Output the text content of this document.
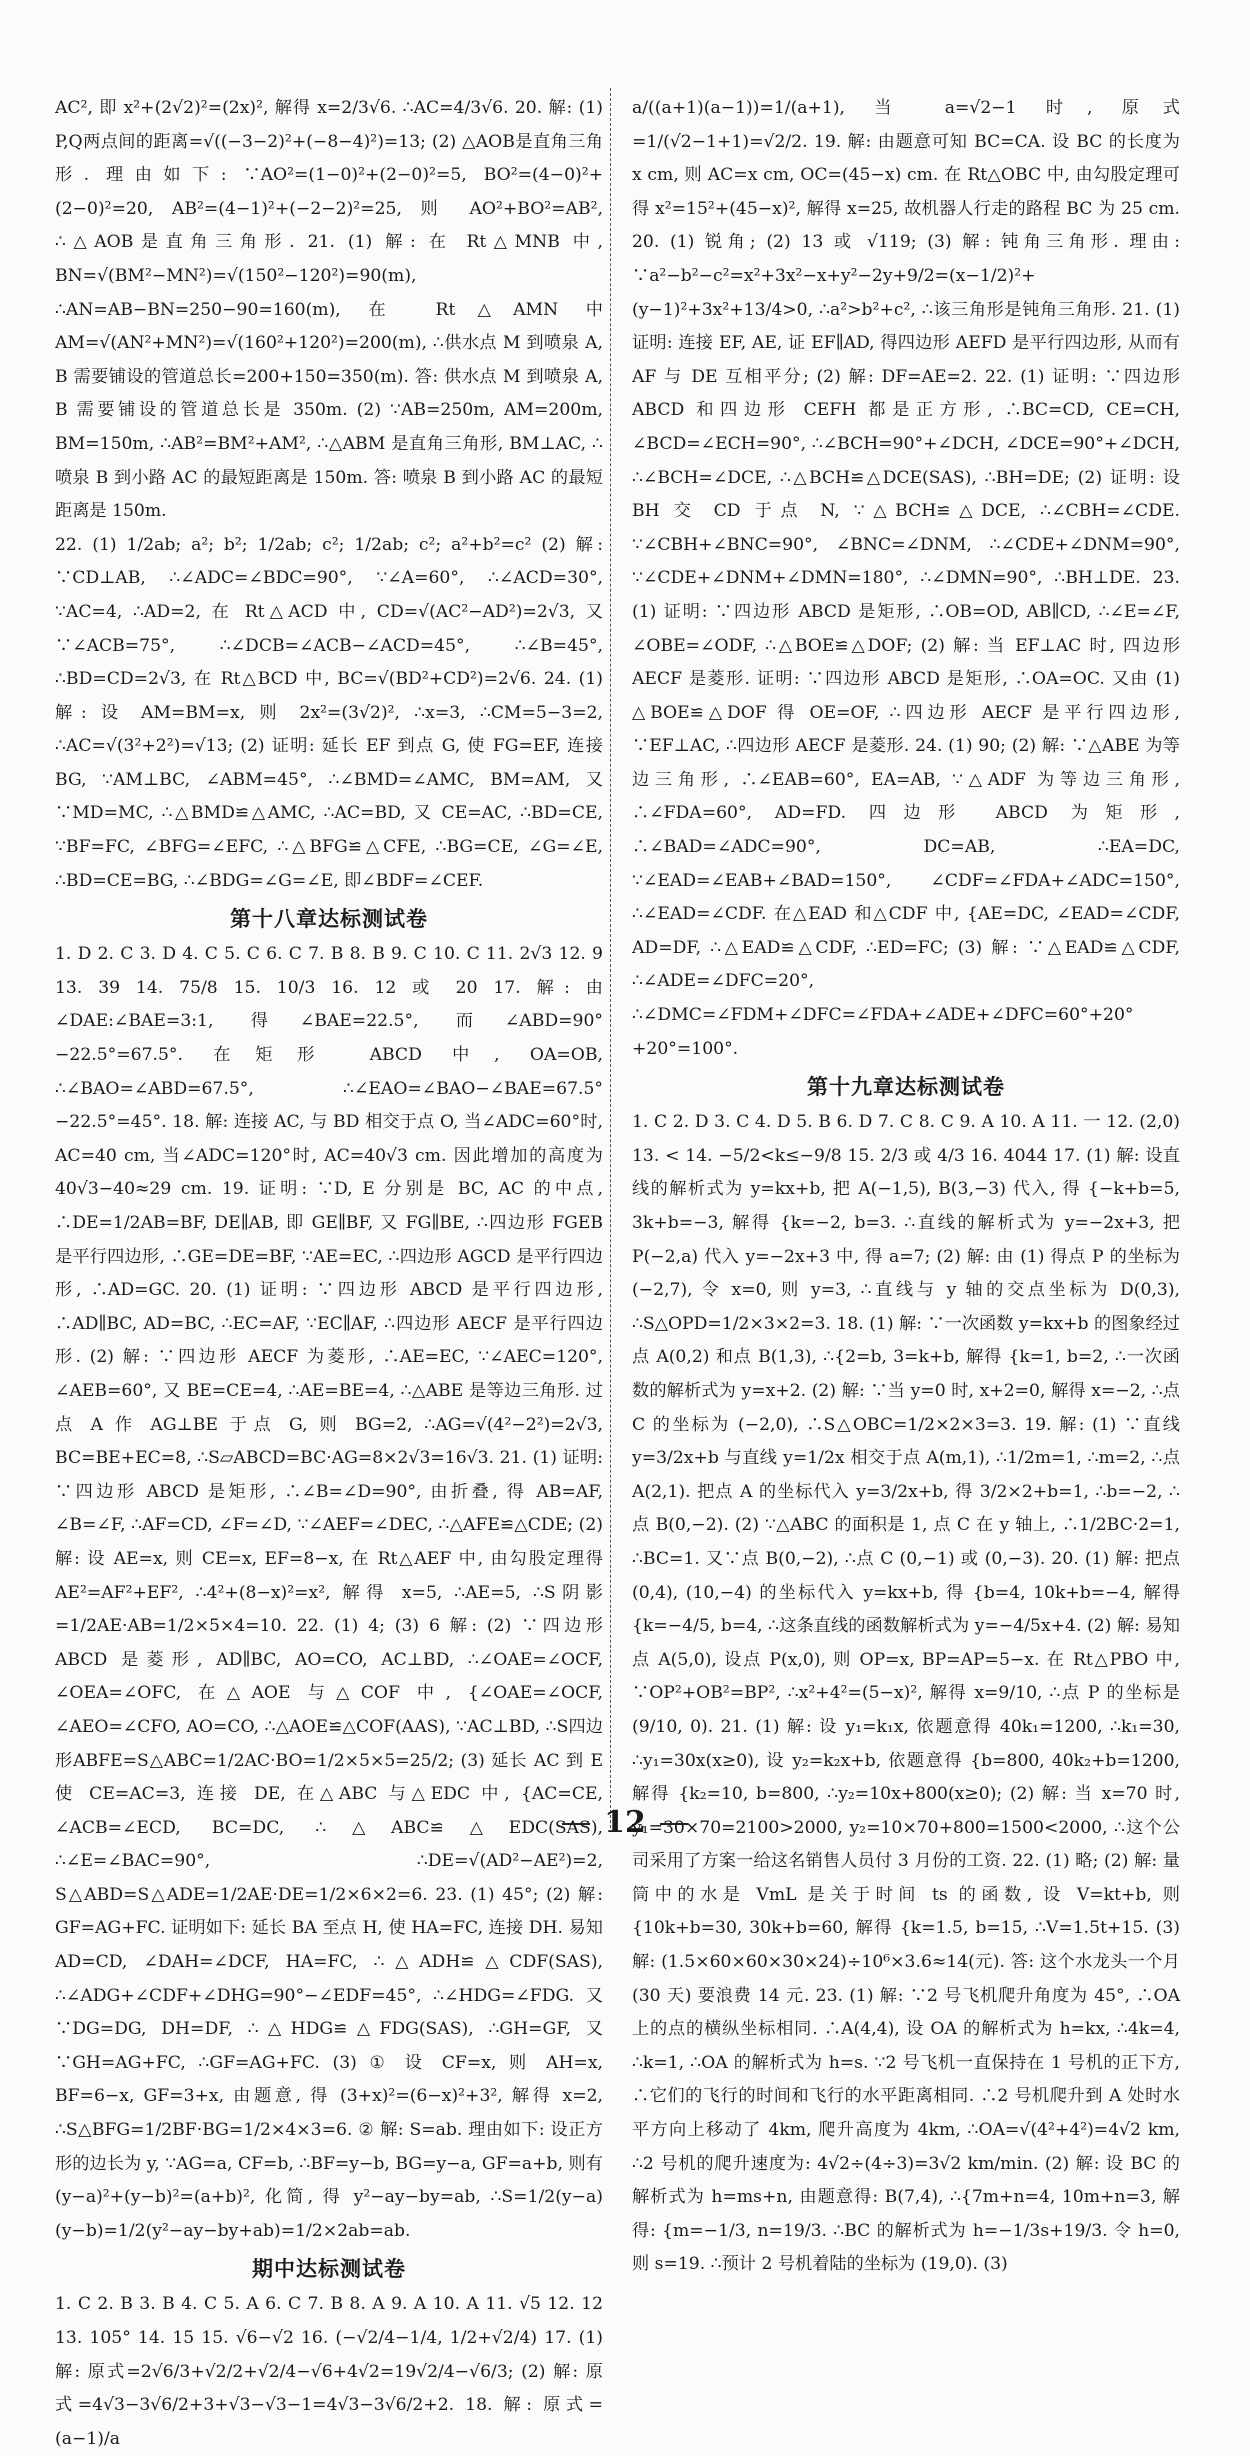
AC², 即 x²+(2√2)²=(2x)², 解得 x=2/3√6. ∴AC=4/3√6. 20. 解: (1) P,Q两点间的距离=√((−3−2)²+(−8−4)²)=13; (2) △AOB是直角三角形. 理由如下: ∵AO²=(1−0)²+(2−0)²=5, BO²=(4−0)²+(2−0)²=20, AB²=(4−1)²+(−2−2)²=25, 则 AO²+BO²=AB², ∴△AOB是直角三角形. 21. (1) 解: 在 Rt△MNB 中, BN=√(BM²−MN²)=√(150²−120²)=90(m), ∴AN=AB−BN=250−90=160(m), 在 Rt△AMN 中 AM=√(AN²+MN²)=√(160²+120²)=200(m), ∴供水点 M 到喷泉 A, B 需要铺设的管道总长=200+150=350(m). 答: 供水点 M 到喷泉 A, B 需要铺设的管道总长是 350m. (2) ∵AB=250m, AM=200m, BM=150m, ∴AB²=BM²+AM², ∴△ABM 是直角三角形, BM⊥AC, ∴喷泉 B 到小路 AC 的最短距离是 150m. 答: 喷泉 B 到小路 AC 的最短距离是 150m.

22. (1) 1/2ab; a²; b²; 1/2ab; c²; 1/2ab; c²; a²+b²=c² (2) 解: ∵CD⊥AB, ∴∠ADC=∠BDC=90°, ∵∠A=60°, ∴∠ACD=30°, ∵AC=4, ∴AD=2, 在 Rt△ACD 中, CD=√(AC²−AD²)=2√3, 又∵∠ACB=75°, ∴∠DCB=∠ACB−∠ACD=45°, ∴∠B=45°, ∴BD=CD=2√3, 在 Rt△BCD 中, BC=√(BD²+CD²)=2√6. 24. (1) 解: 设 AM=BM=x, 则 2x²=(3√2)², ∴x=3, ∴CM=5−3=2, ∴AC=√(3²+2²)=√13; (2) 证明: 延长 EF 到点 G, 使 FG=EF, 连接 BG, ∵AM⊥BC, ∠ABM=45°, ∴∠BMD=∠AMC, BM=AM, 又∵MD=MC, ∴△BMD≌△AMC, ∴AC=BD, 又 CE=AC, ∴BD=CE, ∵BF=FC, ∠BFG=∠EFC, ∴△BFG≌△CFE, ∴BG=CE, ∠G=∠E, ∴BD=CE=BG, ∴∠BDG=∠G=∠E, 即∠BDF=∠CEF.

第十八章达标测试卷

1. D 2. C 3. D 4. C 5. C 6. C 7. B 8. B 9. C 10. C 11. 2√3 12. 9 13. 39 14. 75/8 15. 10/3 16. 12 或 20 17. 解: 由∠DAE:∠BAE=3:1, 得∠BAE=22.5°, 而∠ABD=90°−22.5°=67.5°. 在矩形 ABCD 中, OA=OB, ∴∠BAO=∠ABD=67.5°, ∴∠EAO=∠BAO−∠BAE=67.5°−22.5°=45°. 18. 解: 连接 AC, 与 BD 相交于点 O, 当∠ADC=60°时, AC=40 cm, 当∠ADC=120°时, AC=40√3 cm. 因此增加的高度为 40√3−40≈29 cm. 19. 证明: ∵D, E 分别是 BC, AC 的中点, ∴DE=1/2AB=BF, DE∥AB, 即 GE∥BF, 又 FG∥BE, ∴四边形 FGEB 是平行四边形, ∴GE=DE=BF, ∵AE=EC, ∴四边形 AGCD 是平行四边形, ∴AD=GC. 20. (1) 证明: ∵四边形 ABCD 是平行四边形, ∴AD∥BC, AD=BC, ∴EC=AF, ∵EC∥AF, ∴四边形 AECF 是平行四边形. (2) 解: ∵四边形 AECF 为菱形, ∴AE=EC, ∵∠AEC=120°, ∠AEB=60°, 又 BE=CE=4, ∴AE=BE=4, ∴△ABE 是等边三角形. 过点 A 作 AG⊥BE 于点 G, 则 BG=2, ∴AG=√(4²−2²)=2√3, BC=BE+EC=8, ∴S▱ABCD=BC·AG=8×2√3=16√3. 21. (1) 证明: ∵四边形 ABCD 是矩形, ∴∠B=∠D=90°, 由折叠, 得 AB=AF, ∠B=∠F, ∴AF=CD, ∠F=∠D, ∵∠AEF=∠DEC, ∴△AFE≌△CDE; (2) 解: 设 AE=x, 则 CE=x, EF=8−x, 在 Rt△AEF 中, 由勾股定理得 AE²=AF²+EF², ∴4²+(8−x)²=x², 解得 x=5, ∴AE=5, ∴S阴影=1/2AE·AB=1/2×5×4=10. 22. (1) 4; (3) 6 解: (2) ∵四边形 ABCD 是菱形, AD∥BC, AO=CO, AC⊥BD, ∴∠OAE=∠OCF, ∠OEA=∠OFC, 在△AOE 与△COF 中, {∠OAE=∠OCF, ∠AEO=∠CFO, AO=CO, ∴△AOE≌△COF(AAS), ∵AC⊥BD, ∴S四边形ABFE=S△ABC=1/2AC·BO=1/2×5×5=25/2; (3) 延长 AC 到 E 使 CE=AC=3, 连接 DE, 在△ABC 与△EDC 中, {AC=CE, ∠ACB=∠ECD, BC=DC, ∴△ABC≌△EDC(SAS), ∴∠E=∠BAC=90°, ∴DE=√(AD²−AE²)=2, S△ABD=S△ADE=1/2AE·DE=1/2×6×2=6. 23. (1) 45°; (2) 解: GF=AG+FC. 证明如下: 延长 BA 至点 H, 使 HA=FC, 连接 DH. 易知 AD=CD, ∠DAH=∠DCF, HA=FC, ∴△ADH≌△CDF(SAS), ∴∠ADG+∠CDF+∠DHG=90°−∠EDF=45°, ∴∠HDG=∠FDG. 又∵DG=DG, DH=DF, ∴△HDG≌△FDG(SAS), ∴GH=GF, 又∵GH=AG+FC, ∴GF=AG+FC. (3) ① 设 CF=x, 则 AH=x, BF=6−x, GF=3+x, 由题意, 得 (3+x)²=(6−x)²+3², 解得 x=2, ∴S△BFG=1/2BF·BG=1/2×4×3=6. ② 解: S=ab. 理由如下: 设正方形的边长为 y, ∵AG=a, CF=b, ∴BF=y−b, BG=y−a, GF=a+b, 则有 (y−a)²+(y−b)²=(a+b)², 化简, 得 y²−ay−by=ab, ∴S=1/2(y−a)(y−b)=1/2(y²−ay−by+ab)=1/2×2ab=ab.

期中达标测试卷

1. C 2. B 3. B 4. C 5. A 6. C 7. B 8. A 9. A 10. A 11. √5 12. 12 13. 105° 14. 15 15. √6−√2 16. (−√2/4−1/4, 1/2+√2/4) 17. (1) 解: 原式=2√6/3+√2/2+√2/4−√6+4√2=19√2/4−√6/3; (2) 解: 原式=4√3−3√6/2+3+√3−√3−1=4√3−3√6/2+2. 18. 解: 原式=(a−1)/a

a/((a+1)(a−1))=1/(a+1), 当 a=√2−1 时, 原式=1/(√2−1+1)=√2/2. 19. 解: 由题意可知 BC=CA. 设 BC 的长度为 x cm, 则 AC=x cm, OC=(45−x) cm. 在 Rt△OBC 中, 由勾股定理可得 x²=15²+(45−x)², 解得 x=25, 故机器人行走的路程 BC 为 25 cm. 20. (1) 锐角; (2) 13 或 √119; (3) 解: 钝角三角形. 理由: ∵a²−b²−c²=x²+3x²−x+y²−2y+9/2=(x−1/2)²+(y−1)²+3x²+13/4>0, ∴a²>b²+c², ∴该三角形是钝角三角形. 21. (1) 证明: 连接 EF, AE, 证 EF∥AD, 得四边形 AEFD 是平行四边形, 从而有 AF 与 DE 互相平分; (2) 解: DF=AE=2. 22. (1) 证明: ∵四边形 ABCD 和四边形 CEFH 都是正方形, ∴BC=CD, CE=CH, ∠BCD=∠ECH=90°, ∴∠BCH=90°+∠DCH, ∠DCE=90°+∠DCH, ∴∠BCH=∠DCE, ∴△BCH≌△DCE(SAS), ∴BH=DE; (2) 证明: 设 BH 交 CD 于点 N, ∵△BCH≌△DCE, ∴∠CBH=∠CDE. ∵∠CBH+∠BNC=90°, ∠BNC=∠DNM, ∴∠CDE+∠DNM=90°, ∵∠CDE+∠DNM+∠DMN=180°, ∴∠DMN=90°, ∴BH⊥DE. 23. (1) 证明: ∵四边形 ABCD 是矩形, ∴OB=OD, AB∥CD, ∴∠E=∠F, ∠OBE=∠ODF, ∴△BOE≌△DOF; (2) 解: 当 EF⊥AC 时, 四边形 AECF 是菱形. 证明: ∵四边形 ABCD 是矩形, ∴OA=OC. 又由 (1) △BOE≌△DOF 得 OE=OF, ∴四边形 AECF 是平行四边形, ∵EF⊥AC, ∴四边形 AECF 是菱形. 24. (1) 90; (2) 解: ∵△ABE 为等边三角形, ∴∠EAB=60°, EA=AB, ∵△ADF 为等边三角形, ∴∠FDA=60°, AD=FD. 四边形 ABCD 为矩形, ∴∠BAD=∠ADC=90°, DC=AB, ∴EA=DC, ∵∠EAD=∠EAB+∠BAD=150°, ∠CDF=∠FDA+∠ADC=150°, ∴∠EAD=∠CDF. 在△EAD 和△CDF 中, {AE=DC, ∠EAD=∠CDF, AD=DF, ∴△EAD≌△CDF, ∴ED=FC; (3) 解: ∵△EAD≌△CDF, ∴∠ADE=∠DFC=20°, ∴∠DMC=∠FDM+∠DFC=∠FDA+∠ADE+∠DFC=60°+20°+20°=100°.

第十九章达标测试卷

1. C 2. D 3. C 4. D 5. B 6. D 7. C 8. C 9. A 10. A 11. 一 12. (2,0) 13. < 14. −5/2<k≤−9/8 15. 2/3 或 4/3 16. 4044 17. (1) 解: 设直线的解析式为 y=kx+b, 把 A(−1,5), B(3,−3) 代入, 得 {−k+b=5, 3k+b=−3, 解得 {k=−2, b=3. ∴直线的解析式为 y=−2x+3, 把 P(−2,a) 代入 y=−2x+3 中, 得 a=7; (2) 解: 由 (1) 得点 P 的坐标为 (−2,7), 令 x=0, 则 y=3, ∴直线与 y 轴的交点坐标为 D(0,3), ∴S△OPD=1/2×3×2=3. 18. (1) 解: ∵一次函数 y=kx+b 的图象经过点 A(0,2) 和点 B(1,3), ∴{2=b, 3=k+b, 解得 {k=1, b=2, ∴一次函数的解析式为 y=x+2. (2) 解: ∵当 y=0 时, x+2=0, 解得 x=−2, ∴点 C 的坐标为 (−2,0), ∴S△OBC=1/2×2×3=3. 19. 解: (1) ∵直线 y=3/2x+b 与直线 y=1/2x 相交于点 A(m,1), ∴1/2m=1, ∴m=2, ∴点 A(2,1). 把点 A 的坐标代入 y=3/2x+b, 得 3/2×2+b=1, ∴b=−2, ∴点 B(0,−2). (2) ∵△ABC 的面积是 1, 点 C 在 y 轴上, ∴1/2BC·2=1, ∴BC=1. 又∵点 B(0,−2), ∴点 C (0,−1) 或 (0,−3). 20. (1) 解: 把点 (0,4), (10,−4) 的坐标代入 y=kx+b, 得 {b=4, 10k+b=−4, 解得 {k=−4/5, b=4, ∴这条直线的函数解析式为 y=−4/5x+4. (2) 解: 易知点 A(5,0), 设点 P(x,0), 则 OP=x, BP=AP=5−x. 在 Rt△PBO 中, ∵OP²+OB²=BP², ∴x²+4²=(5−x)², 解得 x=9/10, ∴点 P 的坐标是 (9/10, 0). 21. (1) 解: 设 y₁=k₁x, 依题意得 40k₁=1200, ∴k₁=30, ∴y₁=30x(x≥0), 设 y₂=k₂x+b, 依题意得 {b=800, 40k₂+b=1200, 解得 {k₂=10, b=800, ∴y₂=10x+800(x≥0); (2) 解: 当 x=70 时, y₁=30×70=2100>2000, y₂=10×70+800=1500<2000, ∴这个公司采用了方案一给这名销售人员付 3 月份的工资. 22. (1) 略; (2) 解: 量筒中的水是 VmL 是关于时间 ts 的函数, 设 V=kt+b, 则 {10k+b=30, 30k+b=60, 解得 {k=1.5, b=15, ∴V=1.5t+15. (3) 解: (1.5×60×60×30×24)÷10⁶×3.6≈14(元). 答: 这个水龙头一个月 (30 天) 要浪费 14 元. 23. (1) 解: ∵2 号飞机爬升角度为 45°, ∴OA 上的点的横纵坐标相同. ∴A(4,4), 设 OA 的解析式为 h=kx, ∴4k=4, ∴k=1, ∴OA 的解析式为 h=s. ∵2 号飞机一直保持在 1 号机的正下方, ∴它们的飞行的时间和飞行的水平距离相同. ∴2 号机爬升到 A 处时水平方向上移动了 4km, 爬升高度为 4km, ∴OA=√(4²+4²)=4√2 km, ∴2 号机的爬升速度为: 4√2÷(4÷3)=3√2 km/min. (2) 解: 设 BC 的解析式为 h=ms+n, 由题意得: B(7,4), ∴{7m+n=4, 10m+n=3, 解得: {m=−1/3, n=19/3. ∴BC 的解析式为 h=−1/3s+19/3. 令 h=0, 则 s=19. ∴预计 2 号机着陆的坐标为 (19,0). (3)

12
